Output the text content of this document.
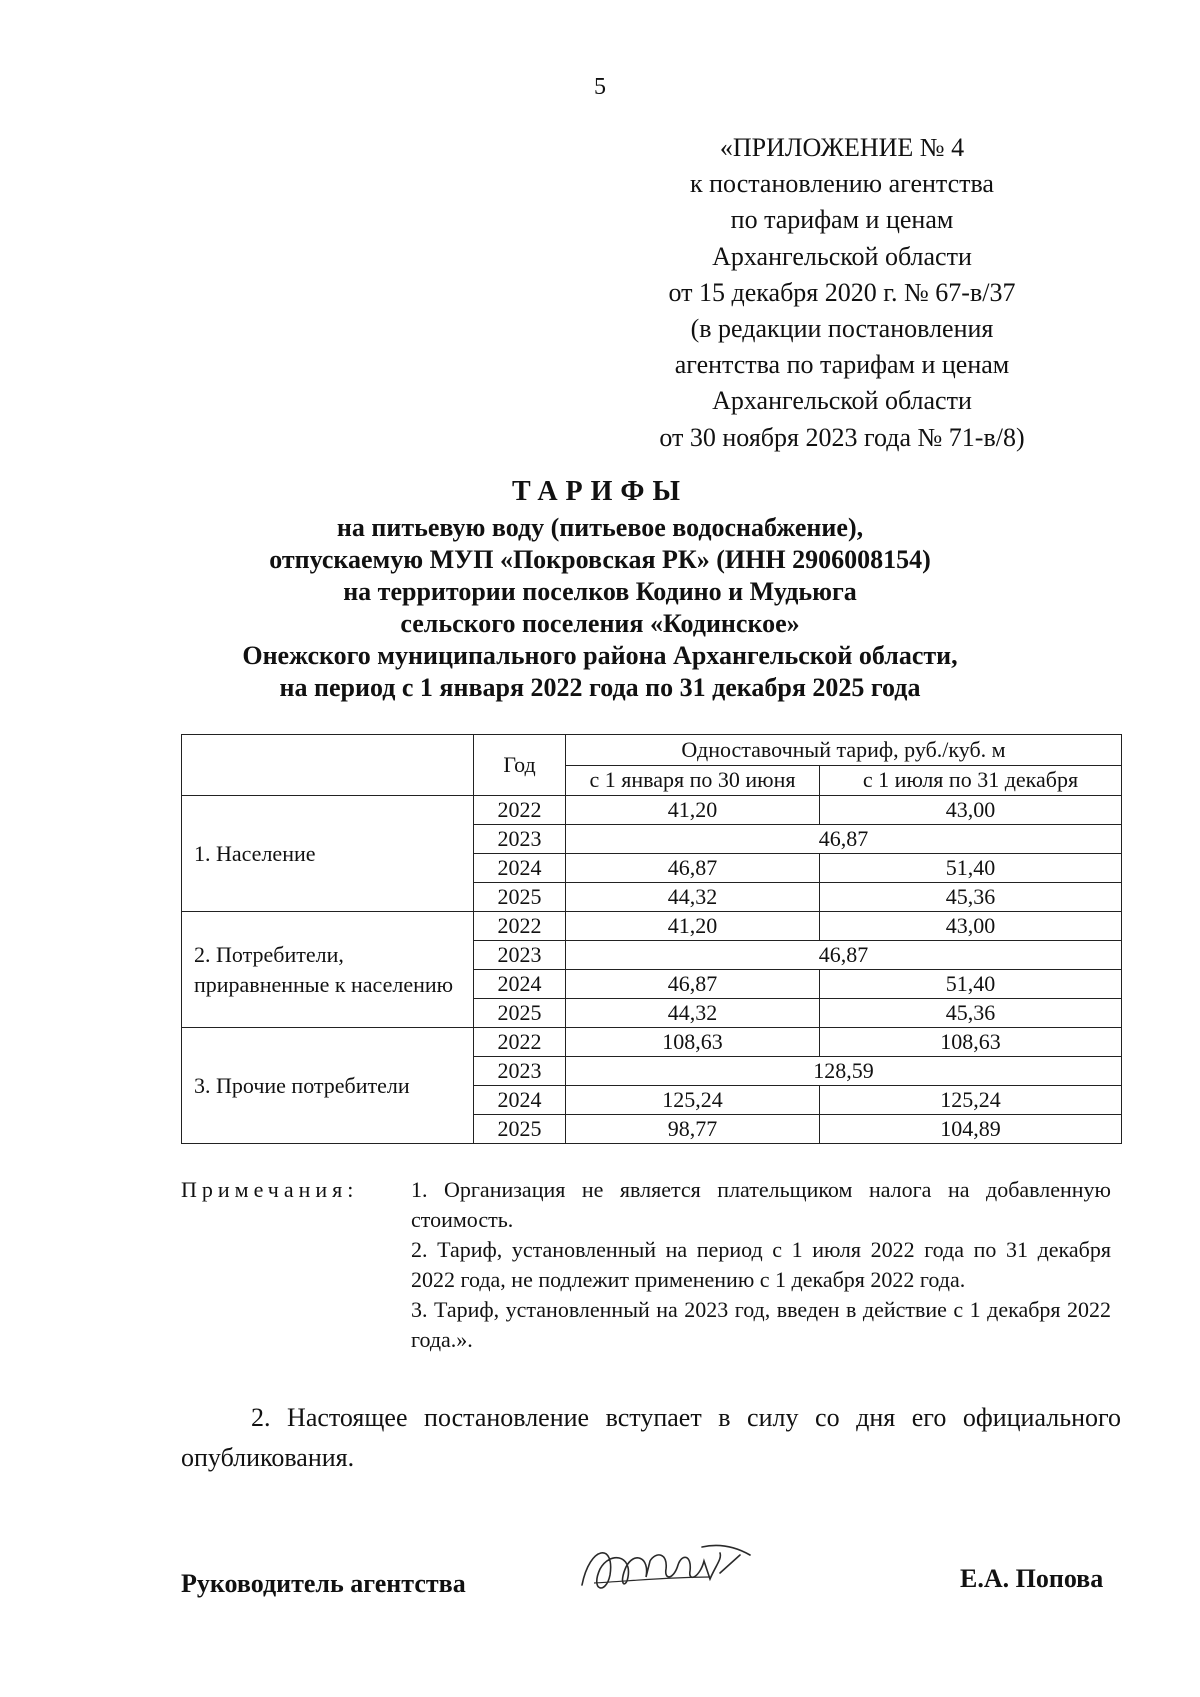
5
«ПРИЛОЖЕНИЕ № 4
к постановлению агентства
по тарифам и ценам
Архангельской области
от 15 декабря 2020 г. № 67-в/37
(в редакции постановления
агентства по тарифам и ценам
Архангельской области
от 30 ноября 2023 года № 71-в/8)
ТАРИФЫ
на питьевую воду (питьевое водоснабжение),
отпускаемую МУП «Покровская РК» (ИНН 2906008154)
на территории поселков Кодино и Мудьюга
сельского поселения «Кодинское»
Онежского муниципального района Архангельской области,
на период с 1 января 2022 года по 31 декабря 2025 года
	Год	Одноставочный тариф, руб./куб. м	
		с 1 января по 30 июня	с 1 июля по 31 декабря
1. Население	2022	41,20	43,00
	2023	46,87	
	2024	46,87	51,40
	2025	44,32	45,36
2. Потребители, приравненные к населению	2022	41,20	43,00
	2023	46,87	
	2024	46,87	51,40
	2025	44,32	45,36
3. Прочие потребители	2022	108,63	108,63
	2023	128,59	
	2024	125,24	125,24
	2025	98,77	104,89
Примечания: 1. Организация не является плательщиком налога на добавленную стоимость.
2. Тариф, установленный на период с 1 июля 2022 года по 31 декабря 2022 года, не подлежит применению с 1 декабря 2022 года.
3. Тариф, установленный на 2023 год, введен в действие с 1 декабря 2022 года.».
2. Настоящее постановление вступает в силу со дня его официального опубликования.
Руководитель агентства	Е.А. Попова
